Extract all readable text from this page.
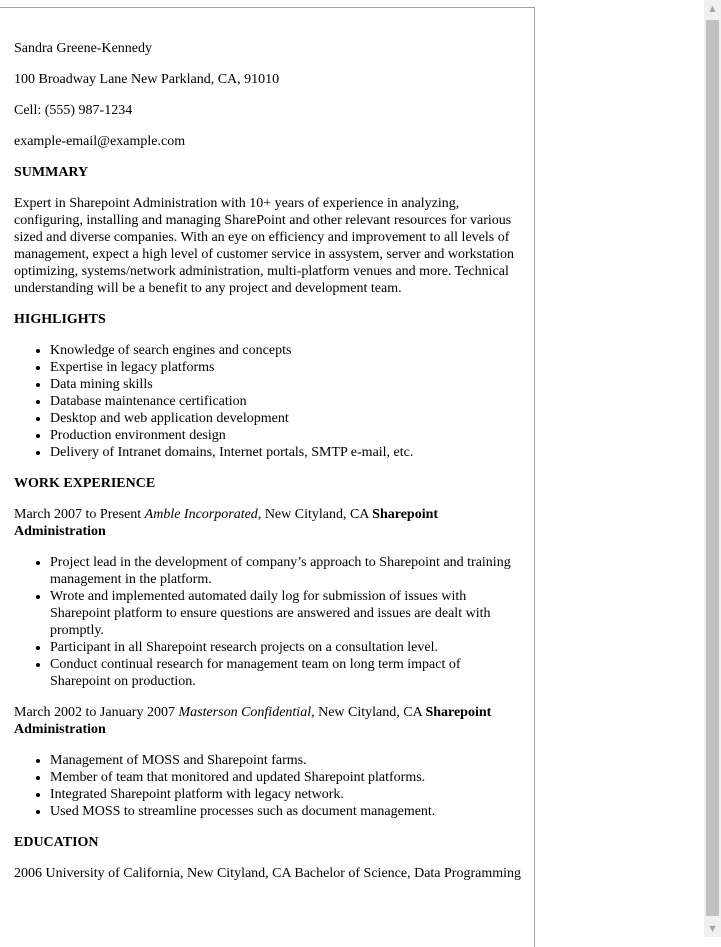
Sandra Greene-Kennedy

100 Broadway Lane New Parkland, CA, 91010

Cell: (555) 987-1234

example-email@example.com

SUMMARY

Expert in Sharepoint Administration with 10+ years of experience in analyzing, configuring, installing and managing SharePoint and other relevant resources for various sized and diverse companies. With an eye on efficiency and improvement to all levels of management, expect a high level of customer service in assystem, server and workstation optimizing, systems/network administration, multi-platform venues and more. Technical understanding will be a benefit to any project and development team.

HIGHLIGHTS
• Knowledge of search engines and concepts
• Expertise in legacy platforms
• Data mining skills
• Database maintenance certification
• Desktop and web application development
• Production environment design
• Delivery of Intranet domains, Internet portals, SMTP e-mail, etc.
WORK EXPERIENCE

March 2007 to Present Amble Incorporated, New Cityland, CA Sharepoint Administration

• Project lead in the development of company’s approach to Sharepoint and training management in the platform.
• Wrote and implemented automated daily log for submission of issues with Sharepoint platform to ensure questions are answered and issues are dealt with promptly.
• Participant in all Sharepoint research projects on a consultation level.
• Conduct continual research for management team on long term impact of Sharepoint on production.

March 2002 to January 2007 Masterson Confidential, New Cityland, CA Sharepoint Administration

• Management of MOSS and Sharepoint farms.
• Member of team that monitored and updated Sharepoint platforms.
• Integrated Sharepoint platform with legacy network.
• Used MOSS to streamline processes such as document management.
EDUCATION

2006 University of California, New Cityland, CA Bachelor of Science, Data Programming

▲
▼
